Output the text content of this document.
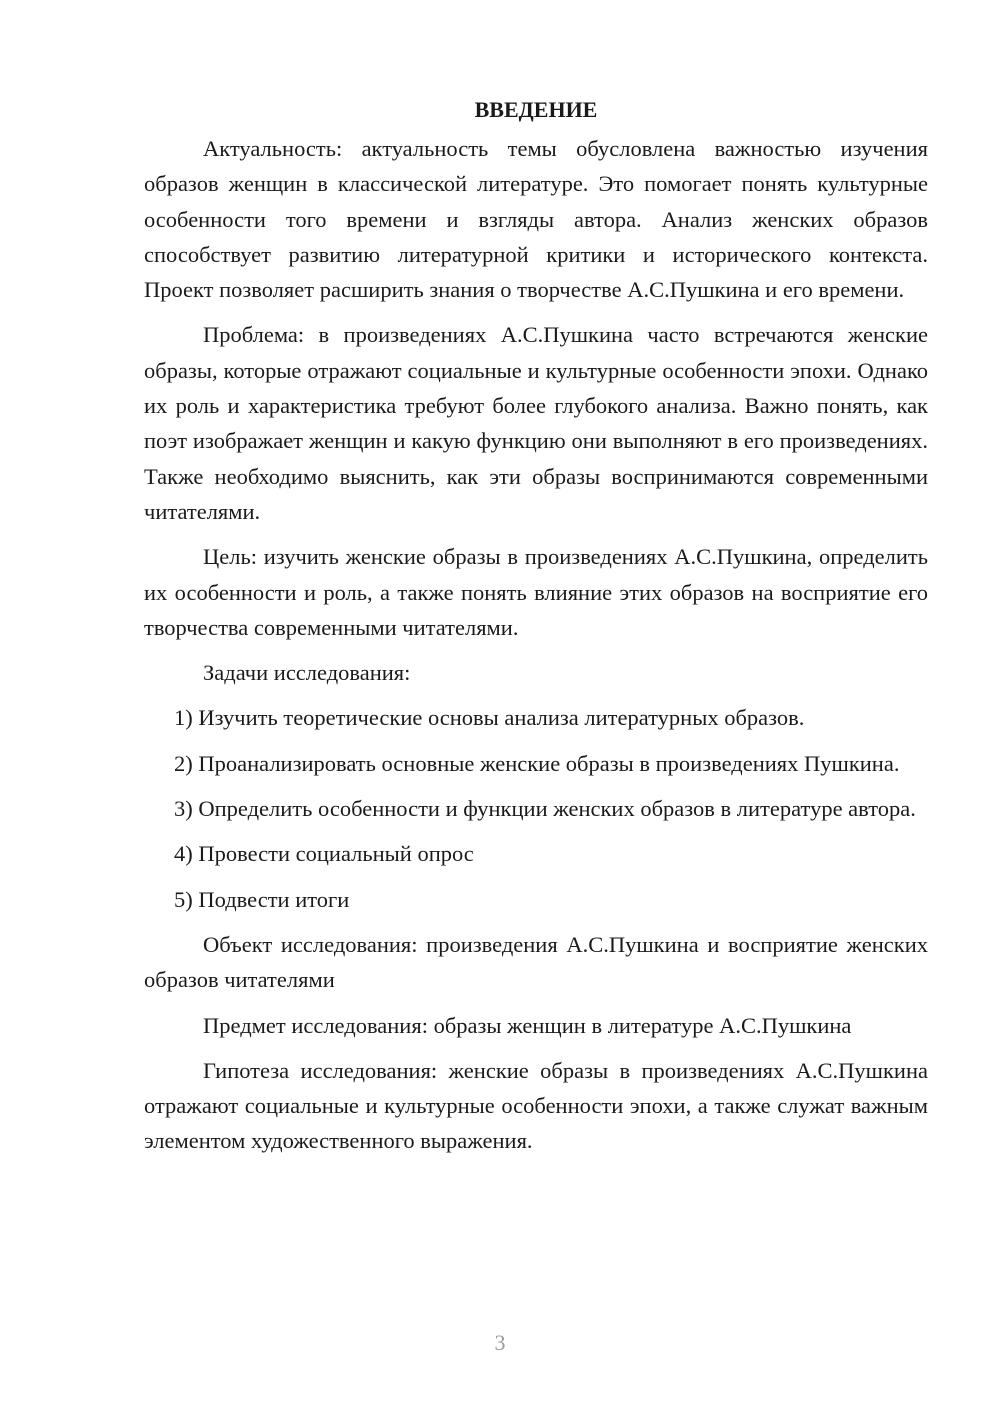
ВВЕДЕНИЕ

Актуальность: актуальность темы обусловлена важностью изучения образов женщин в классической литературе. Это помогает понять культурные особенности того времени и взгляды автора. Анализ женских образов способствует развитию литературной критики и исторического контекста. Проект позволяет расширить знания о творчестве А.С.Пушкина и его времени.

Проблема: в произведениях А.С.Пушкина часто встречаются женские образы, которые отражают социальные и культурные особенности эпохи. Однако их роль и характеристика требуют более глубокого анализа. Важно понять, как поэт изображает женщин и какую функцию они выполняют в его произведениях. Также необходимо выяснить, как эти образы воспринимаются современными читателями.

Цель: изучить женские образы в произведениях А.С.Пушкина, определить их особенности и роль, а также понять влияние этих образов на восприятие его творчества современными читателями.

Задачи исследования:

1) Изучить теоретические основы анализа литературных образов.

2) Проанализировать основные женские образы в произведениях Пушкина.

3) Определить особенности и функции женских образов в литературе автора.

4) Провести социальный опрос

5) Подвести итоги

Объект исследования: произведения А.С.Пушкина и восприятие женских образов читателями

Предмет исследования: образы женщин в литературе А.С.Пушкина

Гипотеза исследования: женские образы в произведениях А.С.Пушкина отражают социальные и культурные особенности эпохи, а также служат важным элементом художественного выражения.

3
